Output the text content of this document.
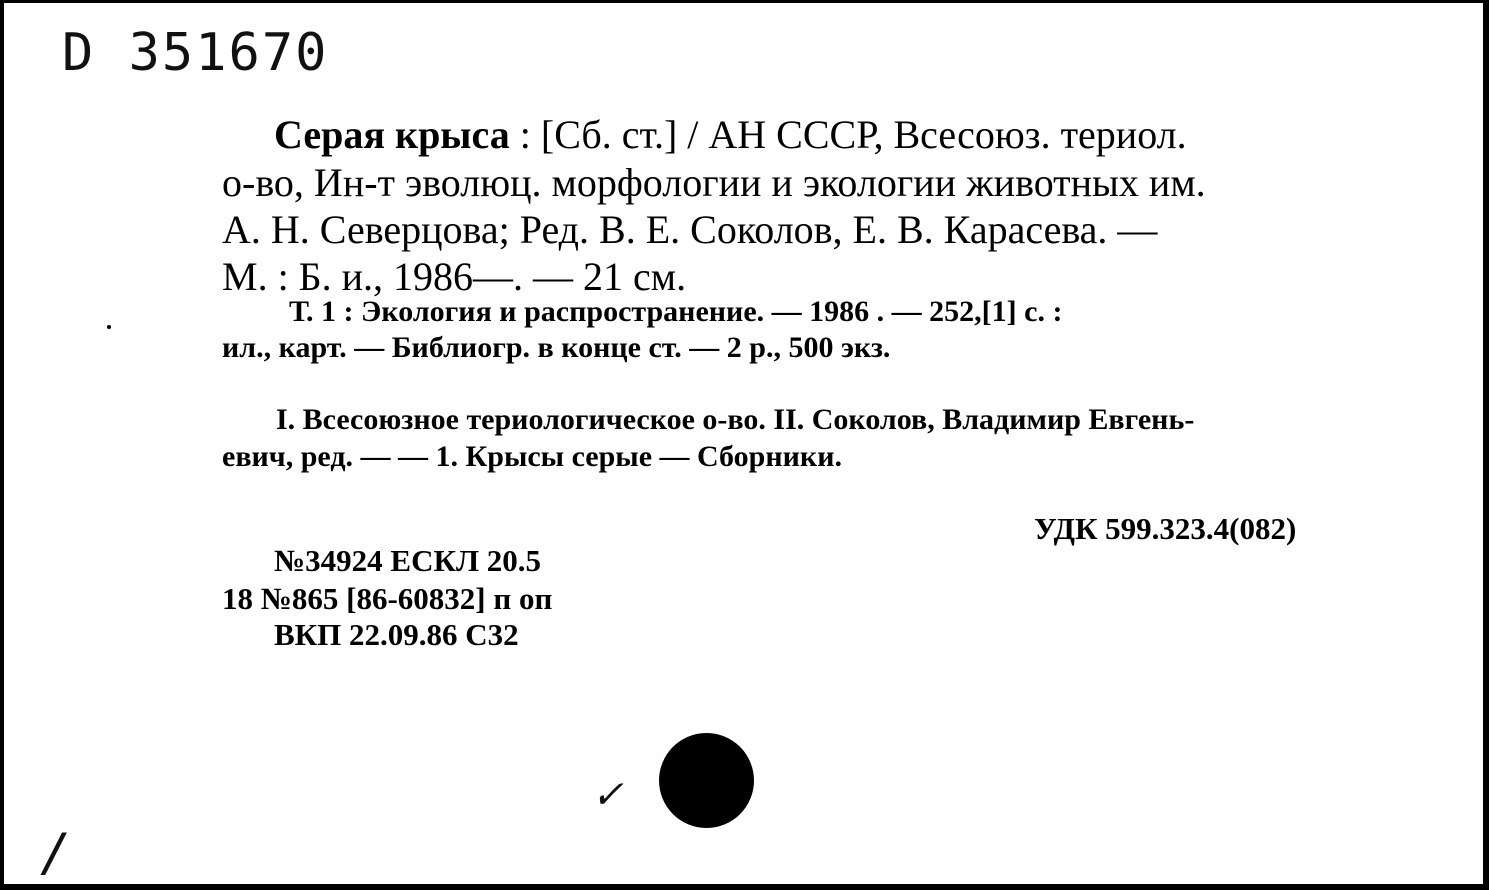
D 351670
Серая крыса : [Сб. ст.] / АН СССР, Всесоюз. териол.
о-во, Ин-т эволюц. морфологии и экологии животных им.
А. Н. Северцова; Ред. В. Е. Соколов, Е. В. Карасева. —
М. : Б. и., 1986—. — 21 см.
Т. 1 : Экология и распространение. — 1986 . — 252,[1] с. :
ил., карт. — Библиогр. в конце ст. — 2 р., 500 экз.
I. Всесоюзное териологическое о-во. II. Соколов, Владимир Евгень-
евич, ред. — — 1. Крысы серые — Сборники.
УДК 599.323.4(082)
№34924 ЕСКЛ 20.5
18 №865 [86-60832] п оп
ВКП 22.09.86 С32
✓
/
